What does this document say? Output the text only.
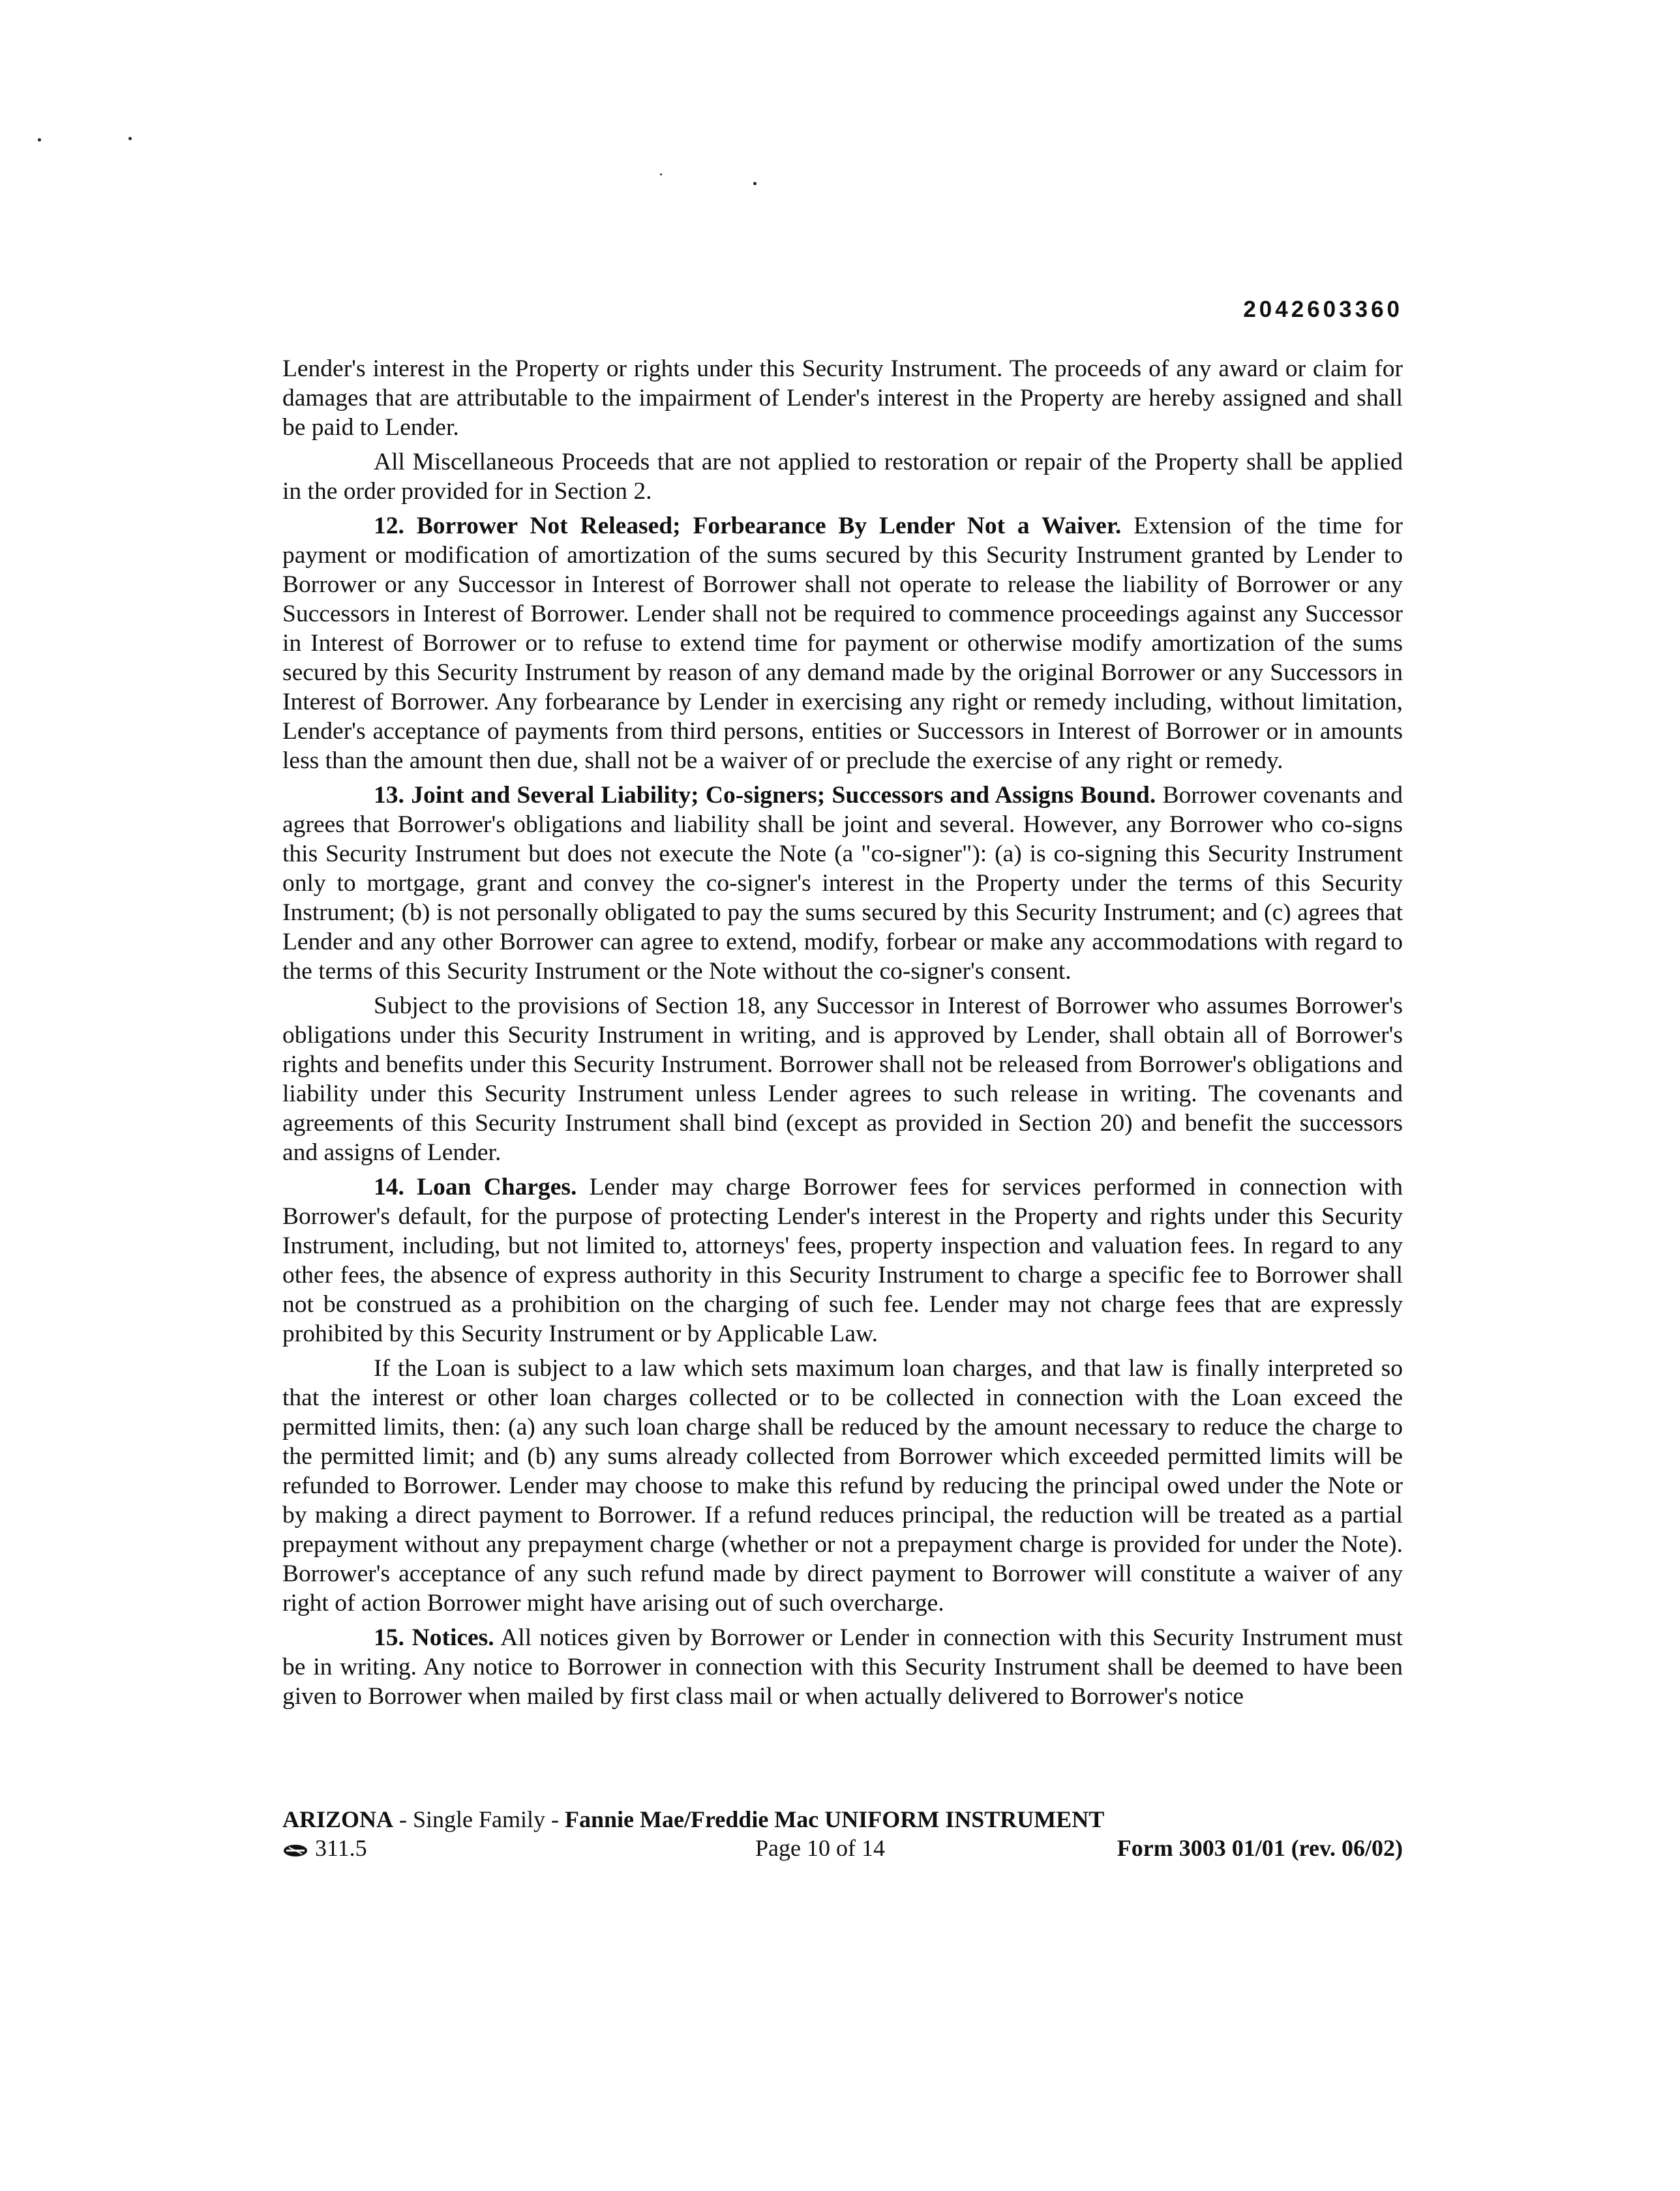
2042603360

Lender's interest in the Property or rights under this Security Instrument. The proceeds of any award or claim for damages that are attributable to the impairment of Lender's interest in the Property are hereby assigned and shall be paid to Lender.

All Miscellaneous Proceeds that are not applied to restoration or repair of the Property shall be applied in the order provided for in Section 2.

12. Borrower Not Released; Forbearance By Lender Not a Waiver. Extension of the time for payment or modification of amortization of the sums secured by this Security Instrument granted by Lender to Borrower or any Successor in Interest of Borrower shall not operate to release the liability of Borrower or any Successors in Interest of Borrower. Lender shall not be required to commence proceedings against any Successor in Interest of Borrower or to refuse to extend time for payment or otherwise modify amortization of the sums secured by this Security Instrument by reason of any demand made by the original Borrower or any Successors in Interest of Borrower. Any forbearance by Lender in exercising any right or remedy including, without limitation, Lender's acceptance of payments from third persons, entities or Successors in Interest of Borrower or in amounts less than the amount then due, shall not be a waiver of or preclude the exercise of any right or remedy.

13. Joint and Several Liability; Co-signers; Successors and Assigns Bound. Borrower covenants and agrees that Borrower's obligations and liability shall be joint and several. However, any Borrower who co-signs this Security Instrument but does not execute the Note (a "co-signer"): (a) is co-signing this Security Instrument only to mortgage, grant and convey the co-signer's interest in the Property under the terms of this Security Instrument; (b) is not personally obligated to pay the sums secured by this Security Instrument; and (c) agrees that Lender and any other Borrower can agree to extend, modify, forbear or make any accommodations with regard to the terms of this Security Instrument or the Note without the co-signer's consent.

Subject to the provisions of Section 18, any Successor in Interest of Borrower who assumes Borrower's obligations under this Security Instrument in writing, and is approved by Lender, shall obtain all of Borrower's rights and benefits under this Security Instrument. Borrower shall not be released from Borrower's obligations and liability under this Security Instrument unless Lender agrees to such release in writing. The covenants and agreements of this Security Instrument shall bind (except as provided in Section 20) and benefit the successors and assigns of Lender.

14. Loan Charges. Lender may charge Borrower fees for services performed in connection with Borrower's default, for the purpose of protecting Lender's interest in the Property and rights under this Security Instrument, including, but not limited to, attorneys' fees, property inspection and valuation fees. In regard to any other fees, the absence of express authority in this Security Instrument to charge a specific fee to Borrower shall not be construed as a prohibition on the charging of such fee. Lender may not charge fees that are expressly prohibited by this Security Instrument or by Applicable Law.

If the Loan is subject to a law which sets maximum loan charges, and that law is finally interpreted so that the interest or other loan charges collected or to be collected in connection with the Loan exceed the permitted limits, then: (a) any such loan charge shall be reduced by the amount necessary to reduce the charge to the permitted limit; and (b) any sums already collected from Borrower which exceeded permitted limits will be refunded to Borrower. Lender may choose to make this refund by reducing the principal owed under the Note or by making a direct payment to Borrower. If a refund reduces principal, the reduction will be treated as a partial prepayment without any prepayment charge (whether or not a prepayment charge is provided for under the Note). Borrower's acceptance of any such refund made by direct payment to Borrower will constitute a waiver of any right of action Borrower might have arising out of such overcharge.

15. Notices. All notices given by Borrower or Lender in connection with this Security Instrument must be in writing. Any notice to Borrower in connection with this Security Instrument shall be deemed to have been given to Borrower when mailed by first class mail or when actually delivered to Borrower's notice

ARIZONA - Single Family - Fannie Mae/Freddie Mac UNIFORM INSTRUMENT
311.5	Page 10 of 14	Form 3003 01/01 (rev. 06/02)
